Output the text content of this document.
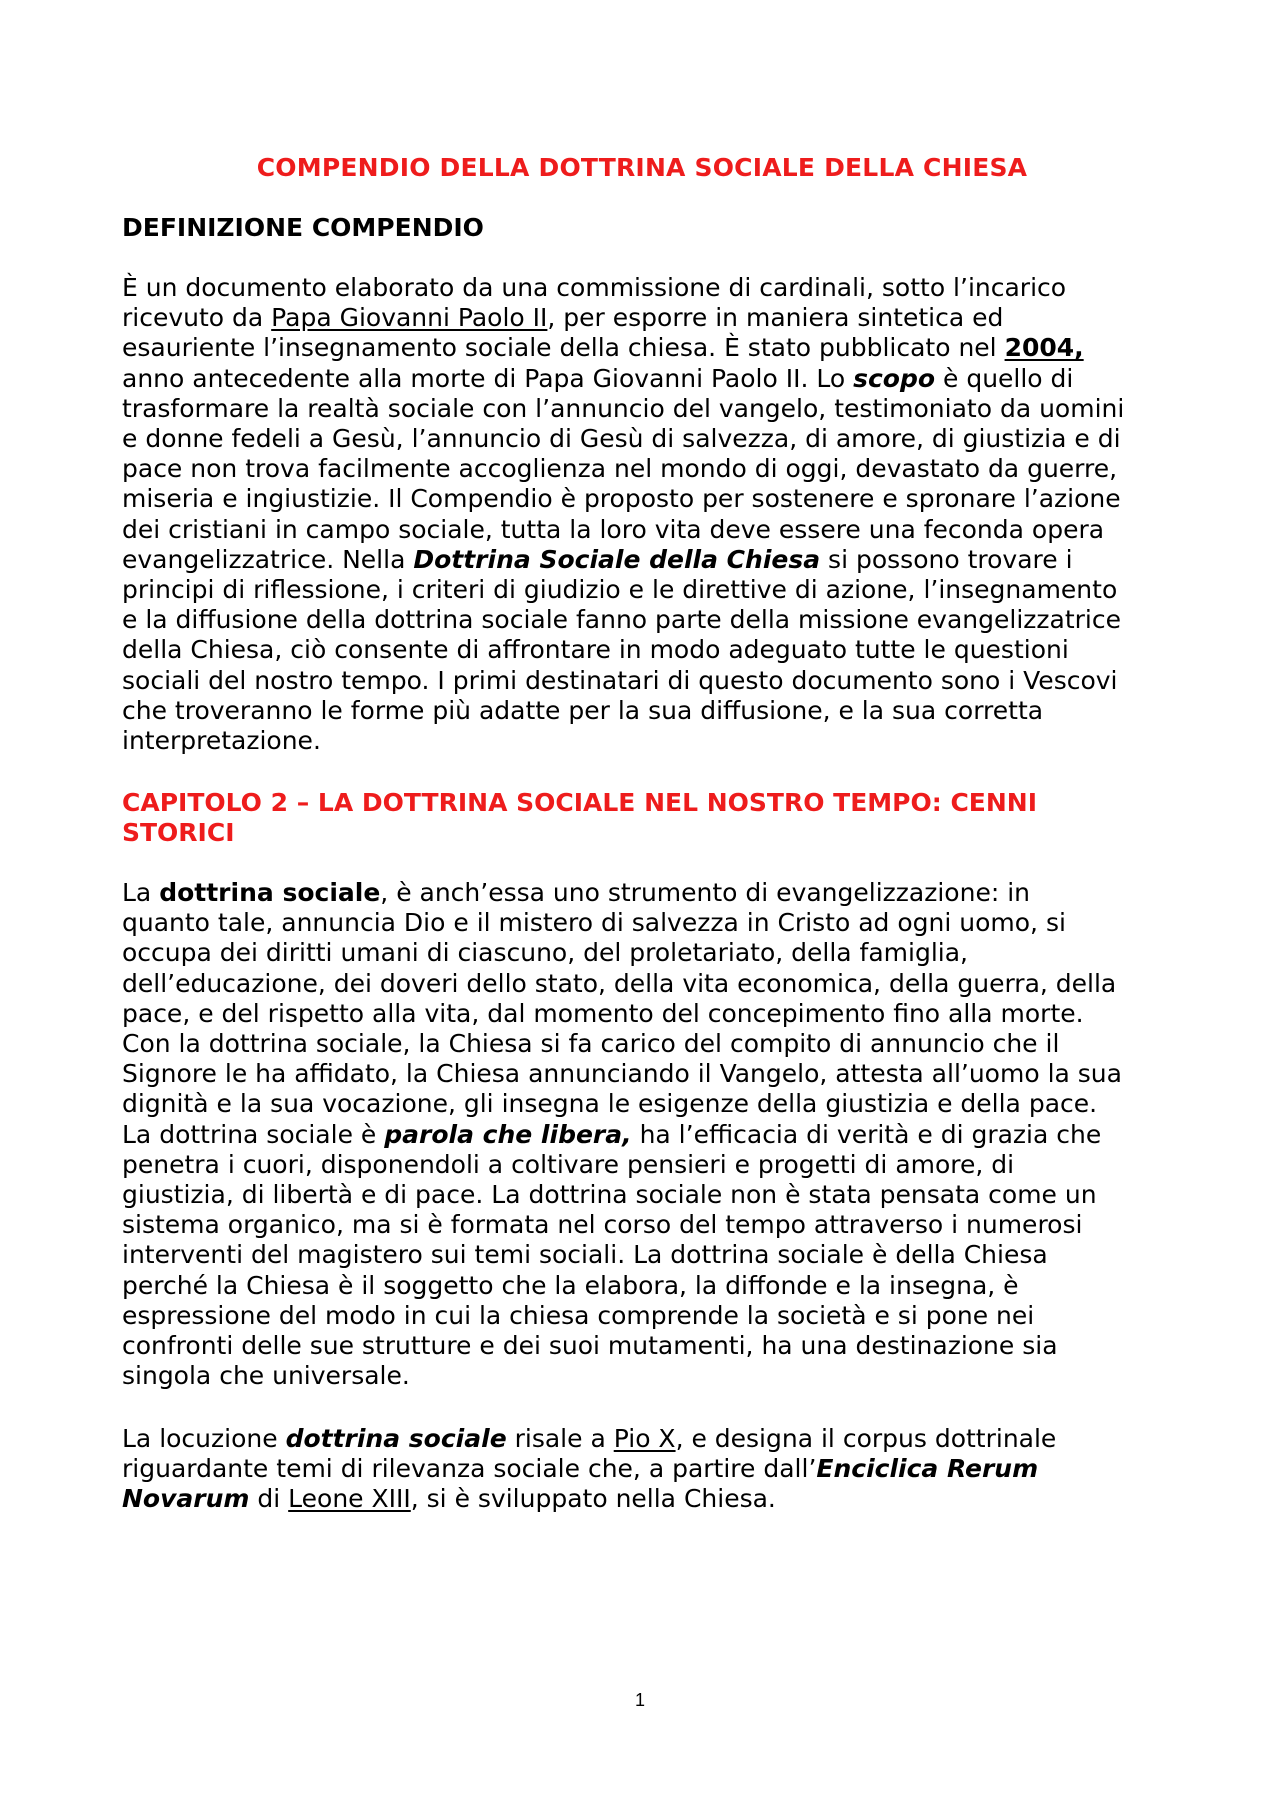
COMPENDIO DELLA DOTTRINA SOCIALE DELLA CHIESA
DEFINIZIONE COMPENDIO

È un documento elaborato da una commissione di cardinali, sotto l’incarico
ricevuto da Papa Giovanni Paolo II, per esporre in maniera sintetica ed
esauriente l’insegnamento sociale della chiesa. È stato pubblicato nel 2004,
anno antecedente alla morte di Papa Giovanni Paolo II. Lo scopo è quello di
trasformare la realtà sociale con l’annuncio del vangelo, testimoniato da uomini
e donne fedeli a Gesù, l’annuncio di Gesù di salvezza, di amore, di giustizia e di
pace non trova facilmente accoglienza nel mondo di oggi, devastato da guerre,
miseria e ingiustizie. Il Compendio è proposto per sostenere e spronare l’azione
dei cristiani in campo sociale, tutta la loro vita deve essere una feconda opera
evangelizzatrice. Nella Dottrina Sociale della Chiesa si possono trovare i
principi di riflessione, i criteri di giudizio e le direttive di azione, l’insegnamento
e la diffusione della dottrina sociale fanno parte della missione evangelizzatrice
della Chiesa, ciò consente di affrontare in modo adeguato tutte le questioni
sociali del nostro tempo. I primi destinatari di questo documento sono i Vescovi
che troveranno le forme più adatte per la sua diffusione, e la sua corretta
interpretazione.

CAPITOLO 2 – LA DOTTRINA SOCIALE NEL NOSTRO TEMPO: CENNI
STORICI

La dottrina sociale, è anch’essa uno strumento di evangelizzazione: in
quanto tale, annuncia Dio e il mistero di salvezza in Cristo ad ogni uomo, si
occupa dei diritti umani di ciascuno, del proletariato, della famiglia,
dell’educazione, dei doveri dello stato, della vita economica, della guerra, della
pace, e del rispetto alla vita, dal momento del concepimento fino alla morte.
Con la dottrina sociale, la Chiesa si fa carico del compito di annuncio che il
Signore le ha affidato, la Chiesa annunciando il Vangelo, attesta all’uomo la sua
dignità e la sua vocazione, gli insegna le esigenze della giustizia e della pace.
La dottrina sociale è parola che libera, ha l’efficacia di verità e di grazia che
penetra i cuori, disponendoli a coltivare pensieri e progetti di amore, di
giustizia, di libertà e di pace. La dottrina sociale non è stata pensata come un
sistema organico, ma si è formata nel corso del tempo attraverso i numerosi
interventi del magistero sui temi sociali. La dottrina sociale è della Chiesa
perché la Chiesa è il soggetto che la elabora, la diffonde e la insegna, è
espressione del modo in cui la chiesa comprende la società e si pone nei
confronti delle sue strutture e dei suoi mutamenti, ha una destinazione sia
singola che universale.

La locuzione dottrina sociale risale a Pio X, e designa il corpus dottrinale
riguardante temi di rilevanza sociale che, a partire dall’Enciclica Rerum
Novarum di Leone XIII, si è sviluppato nella Chiesa.

1
